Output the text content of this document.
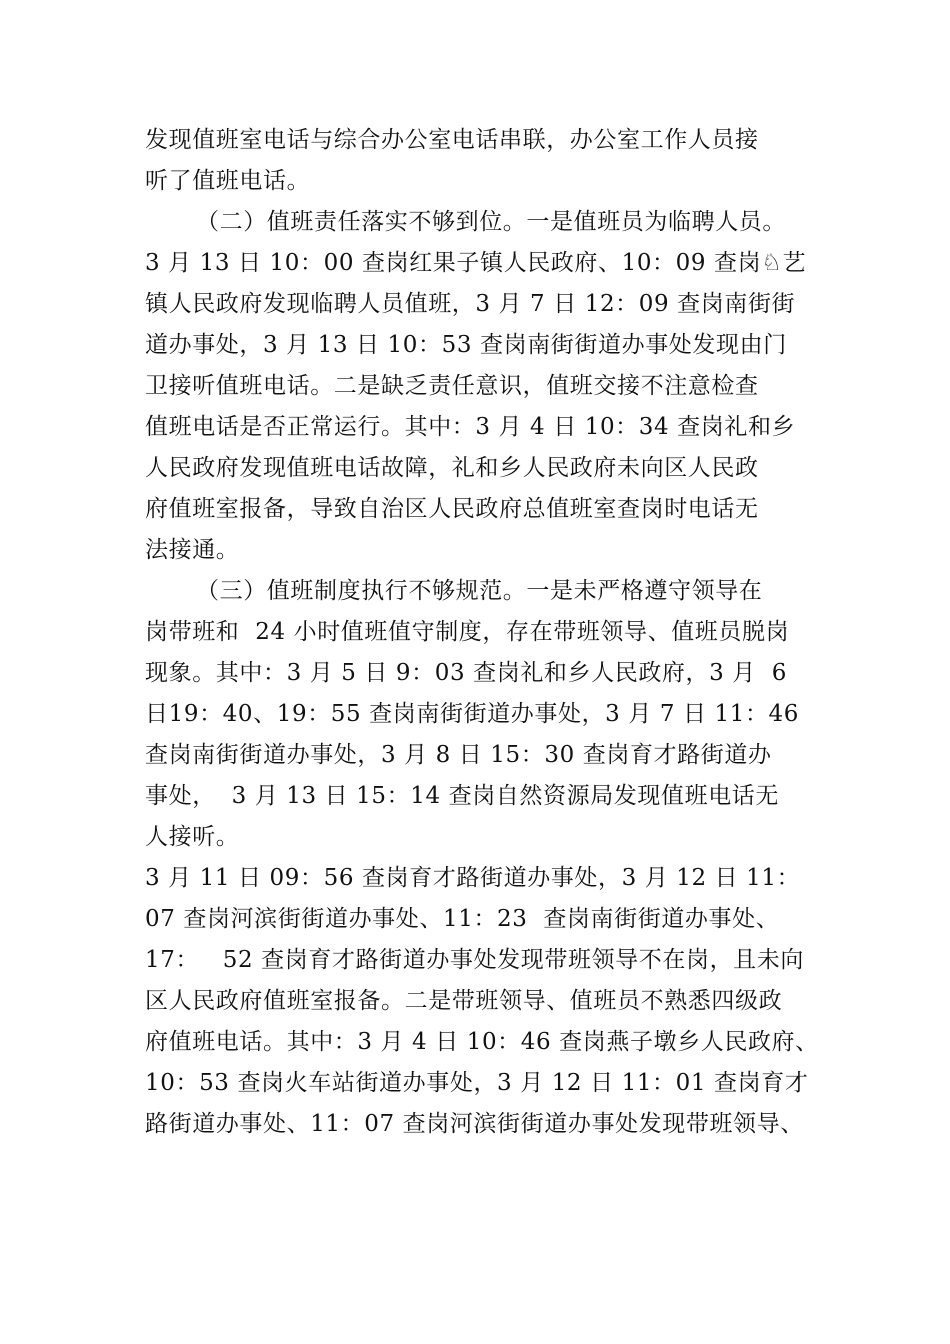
发现值班室电话与综合办公室电话串联，办公室工作人员接
听了值班电话。
（二）值班责任落实不够到位。一是值班员为临聘人员。
3 月 13 日 10：00 查岗红果子镇人民政府、10：09 查岗♘艺
镇人民政府发现临聘人员值班，3 月 7 日 12：09 查岗南街街
道办事处，3 月 13 日 10：53 查岗南街街道办事处发现由门
卫接听值班电话。二是缺乏责任意识，值班交接不注意检查
值班电话是否正常运行。其中：3 月 4 日 10：34 查岗礼和乡
人民政府发现值班电话故障，礼和乡人民政府未向区人民政
府值班室报备，导致自治区人民政府总值班室查岗时电话无
法接通。
（三）值班制度执行不够规范。一是未严格遵守领导在
岗带班和  24 小时值班值守制度，存在带班领导、值班员脱岗
现象。其中：3 月 5 日 9：03 查岗礼和乡人民政府，3 月  6
日19：40、19：55 查岗南街街道办事处，3 月 7 日 11：46
查岗南街街道办事处，3 月 8 日 15：30 查岗育才路街道办
事处，  3 月 13 日 15：14 查岗自然资源局发现值班电话无
人接听。
3 月 11 日 09：56 查岗育才路街道办事处，3 月 12 日 11：
07 查岗河滨街街道办事处、11：23  查岗南街街道办事处、
17：   52 查岗育才路街道办事处发现带班领导不在岗，且未向
区人民政府值班室报备。二是带班领导、值班员不熟悉四级政
府值班电话。其中：3 月 4 日 10：46 查岗燕子墩乡人民政府、
10：53 查岗火车站街道办事处，3 月 12 日 11：01 查岗育才
路街道办事处、11：07 查岗河滨街街道办事处发现带班领导、
